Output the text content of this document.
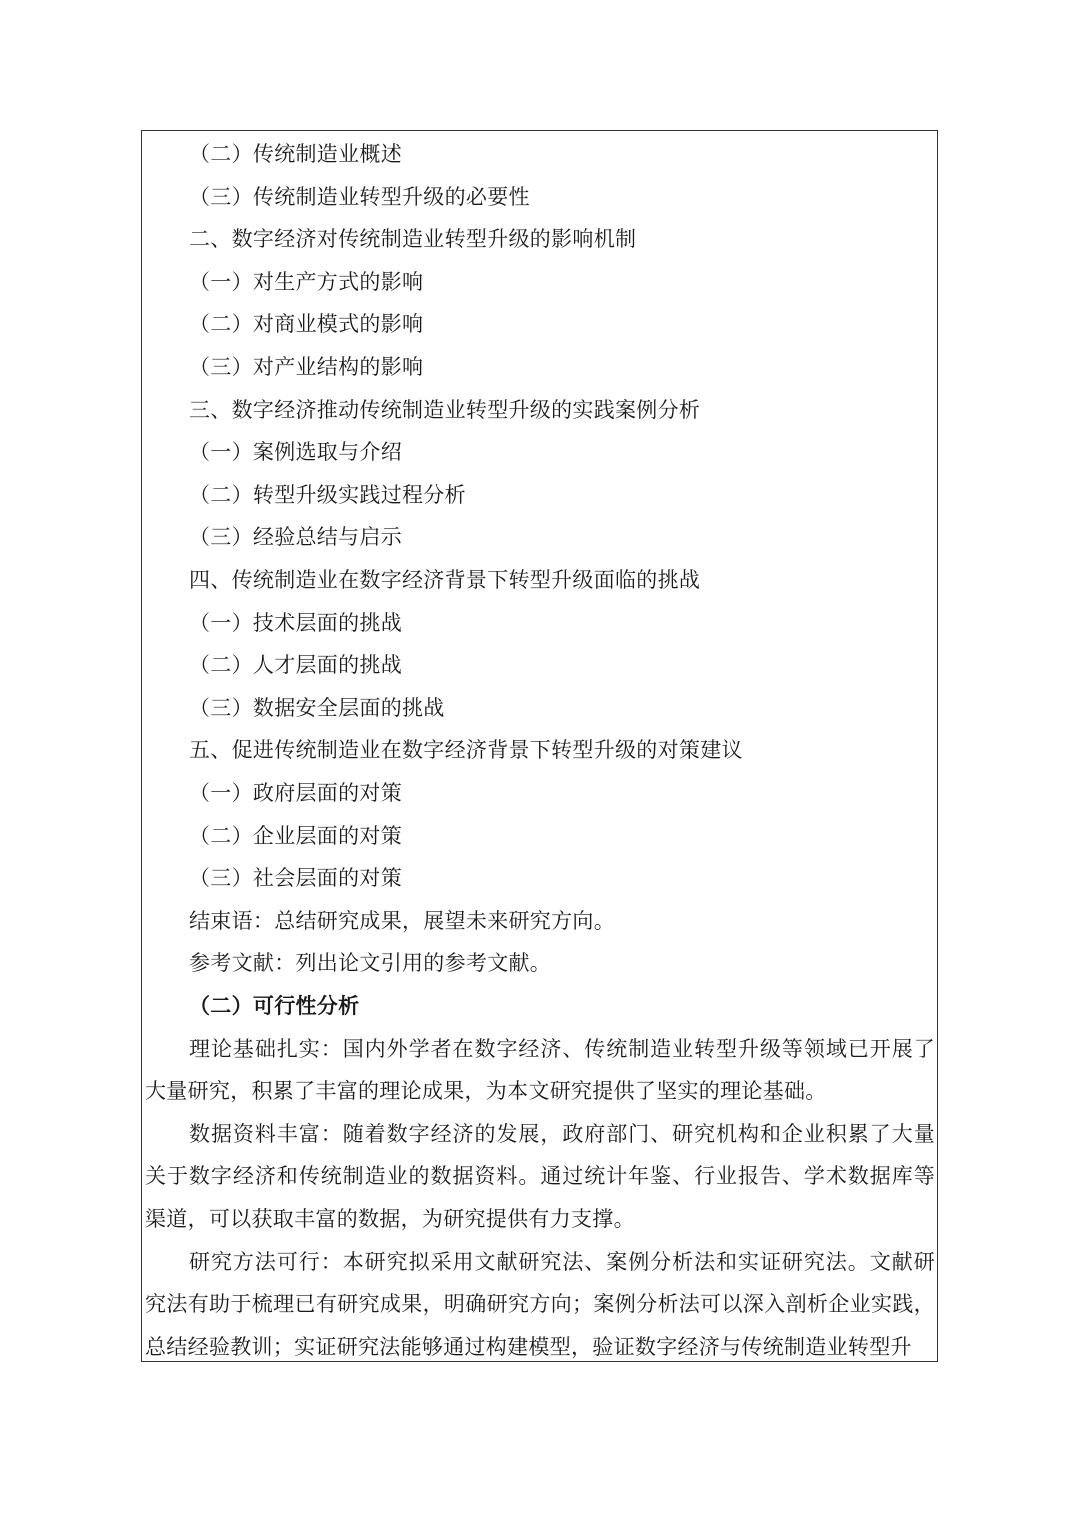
（二）传统制造业概述
（三）传统制造业转型升级的必要性
二、数字经济对传统制造业转型升级的影响机制
（一）对生产方式的影响
（二）对商业模式的影响
（三）对产业结构的影响
三、数字经济推动传统制造业转型升级的实践案例分析
（一）案例选取与介绍
（二）转型升级实践过程分析
（三）经验总结与启示
四、传统制造业在数字经济背景下转型升级面临的挑战
（一）技术层面的挑战
（二）人才层面的挑战
（三）数据安全层面的挑战
五、促进传统制造业在数字经济背景下转型升级的对策建议
（一）政府层面的对策
（二）企业层面的对策
（三）社会层面的对策
结束语：总结研究成果，展望未来研究方向。
参考文献：列出论文引用的参考文献。
（二）可行性分析
理论基础扎实：国内外学者在数字经济、传统制造业转型升级等领域已开展了
大量研究，积累了丰富的理论成果，为本文研究提供了坚实的理论基础。
数据资料丰富：随着数字经济的发展，政府部门、研究机构和企业积累了大量
关于数字经济和传统制造业的数据资料。通过统计年鉴、行业报告、学术数据库等
渠道，可以获取丰富的数据，为研究提供有力支撑。
研究方法可行：本研究拟采用文献研究法、案例分析法和实证研究法。文献研
究法有助于梳理已有研究成果，明确研究方向；案例分析法可以深入剖析企业实践，
总结经验教训；实证研究法能够通过构建模型，验证数字经济与传统制造业转型升
